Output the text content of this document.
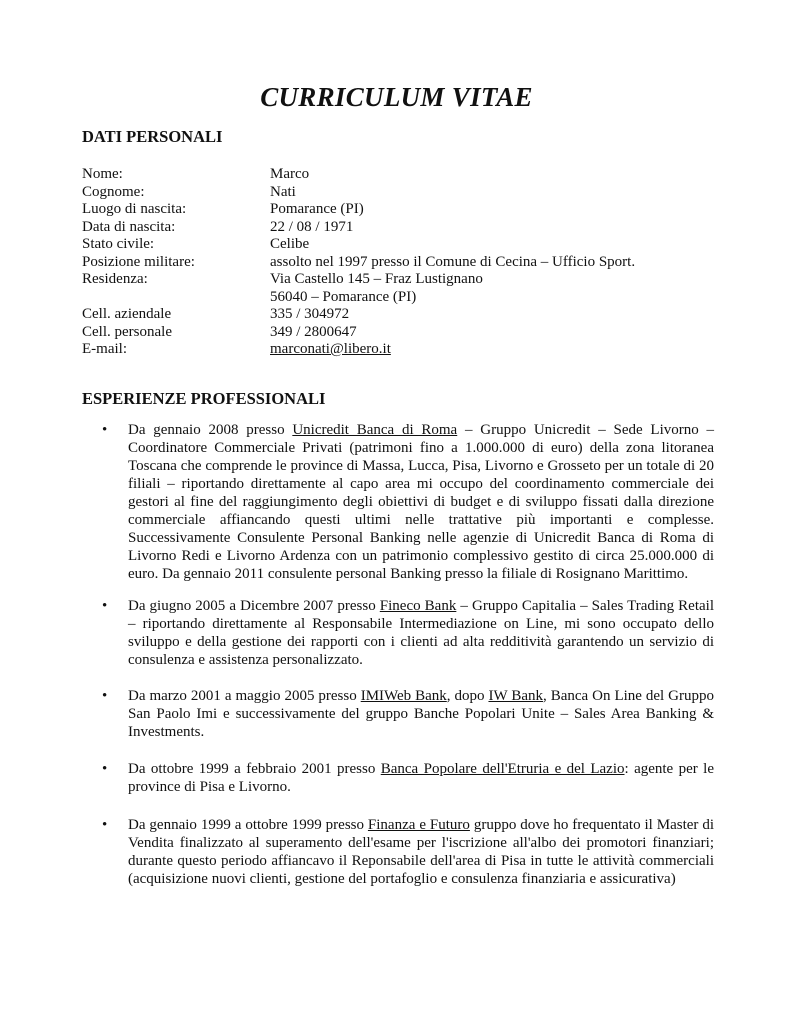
CURRICULUM VITAE
DATI PERSONALI
Nome:	Marco
Cognome:	Nati
Luogo di nascita:	Pomarance (PI)
Data di nascita:	22 / 08 / 1971
Stato civile:	Celibe
Posizione militare:	assolto nel 1997 presso il Comune di Cecina – Ufficio Sport.
Residenza:	Via Castello 145 – Fraz Lustignano
56040 – Pomarance (PI)
Cell. aziendale	335 / 304972
Cell. personale	349 / 2800647
E-mail:	marconati@libero.it
ESPERIENZE PROFESSIONALI
• Da gennaio 2008 presso Unicredit Banca di Roma – Gruppo Unicredit – Sede Livorno – Coordinatore Commerciale Privati (patrimoni fino a 1.000.000 di euro) della zona litoranea Toscana che comprende le province di Massa, Lucca, Pisa, Livorno e Grosseto per un totale di 20 filiali – riportando direttamente al capo area mi occupo del coordinamento commerciale dei gestori al fine del raggiungimento degli obiettivi di budget e di sviluppo fissati dalla direzione commerciale affiancando questi ultimi nelle trattative più importanti e complesse. Successivamente Consulente Personal Banking nelle agenzie di Unicredit Banca di Roma di Livorno Redi e Livorno Ardenza con un patrimonio complessivo gestito di circa 25.000.000 di euro. Da gennaio 2011 consulente personal Banking presso la filiale di Rosignano Marittimo.
• Da giugno 2005 a Dicembre 2007 presso Fineco Bank – Gruppo Capitalia – Sales Trading Retail – riportando direttamente al Responsabile Intermediazione on Line, mi sono occupato dello sviluppo e della gestione dei rapporti con i clienti ad alta redditività garantendo un servizio di consulenza e assistenza personalizzato.
• Da marzo 2001 a maggio 2005 presso IMIWeb Bank, dopo IW Bank, Banca On Line del Gruppo San Paolo Imi e successivamente del gruppo Banche Popolari Unite – Sales Area Banking & Investments.
• Da ottobre 1999 a febbraio 2001 presso Banca Popolare dell'Etruria e del Lazio: agente per le province di Pisa e Livorno.
• Da gennaio 1999 a ottobre 1999 presso Finanza e Futuro gruppo dove ho frequentato il Master di Vendita finalizzato al superamento dell'esame per l'iscrizione all'albo dei promotori finanziari; durante questo periodo affiancavo il Reponsabile dell'area di Pisa in tutte le attività commerciali (acquisizione nuovi clienti, gestione del portafoglio e consulenza finanziaria e assicurativa)
